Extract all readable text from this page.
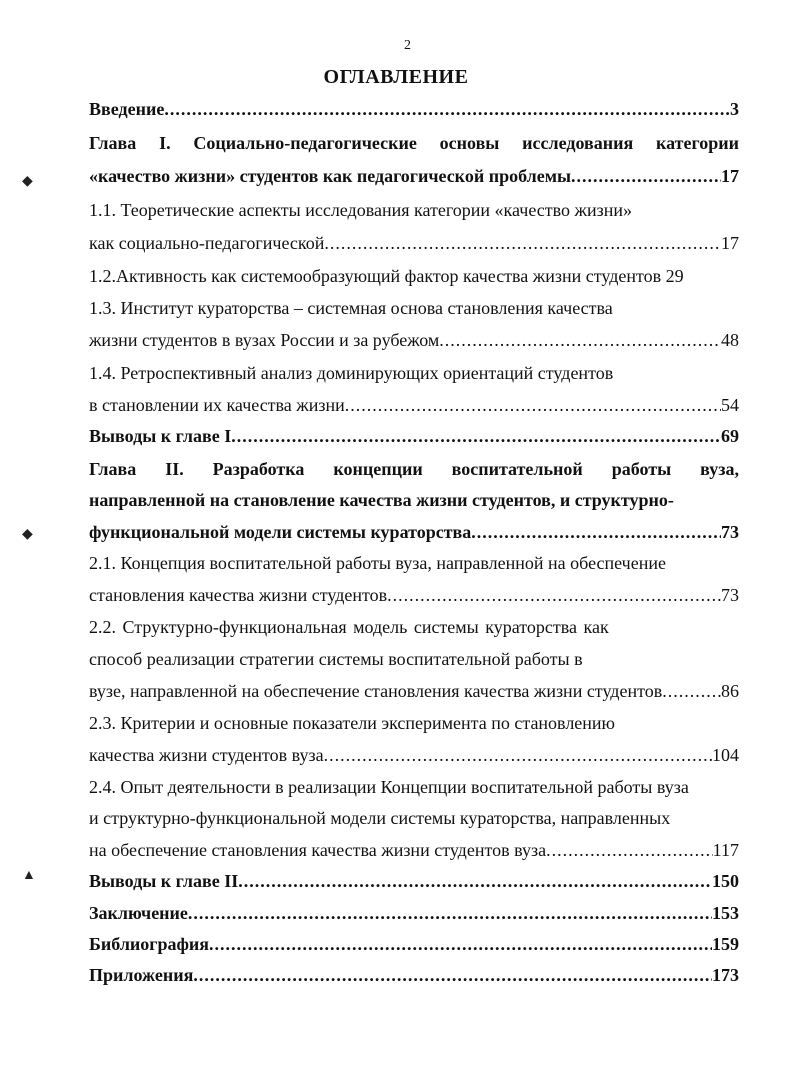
2
ОГЛАВЛЕНИЕ
Введение .....	3
Глава I. Социально-педагогические основы исследования категории
«качество жизни» студентов как педагогической проблемы .....	17
1.1. Теоретические аспекты исследования категории «качество жизни»
как социально-педагогической .....	17
1.2.Активность как системообразующий фактор качества жизни студентов 29
1.3. Институт кураторства – системная основа становления качества
жизни студентов в вузах России и за рубежом .....	48
1.4. Ретроспективный анализ доминирующих ориентаций студентов
в становлении их качества жизни .....	54
Выводы к главе I .....	69
Глава II. Разработка концепции воспитательной работы вуза,
направленной на становление качества жизни студентов, и структурно-
функциональной модели системы кураторства .....	73
2.1. Концепция воспитательной работы вуза, направленной на обеспечение
становления качества жизни студентов .....	73
2.2. Структурно-функциональная модель системы кураторства как
способ реализации стратегии системы воспитательной работы в
вузе, направленной на обеспечение становления качества жизни студентов .....	86
2.3. Критерии и основные показатели эксперимента по становлению
качества жизни студентов вуза .....	104
2.4. Опыт деятельности в реализации Концепции воспитательной работы вуза
и структурно-функциональной модели системы кураторства, направленных
на обеспечение становления качества жизни студентов вуза .....	117
Выводы к главе II .....	150
Заключение .....	153
Библиография .....	159
Приложения .....	173
◆
◆
▲
